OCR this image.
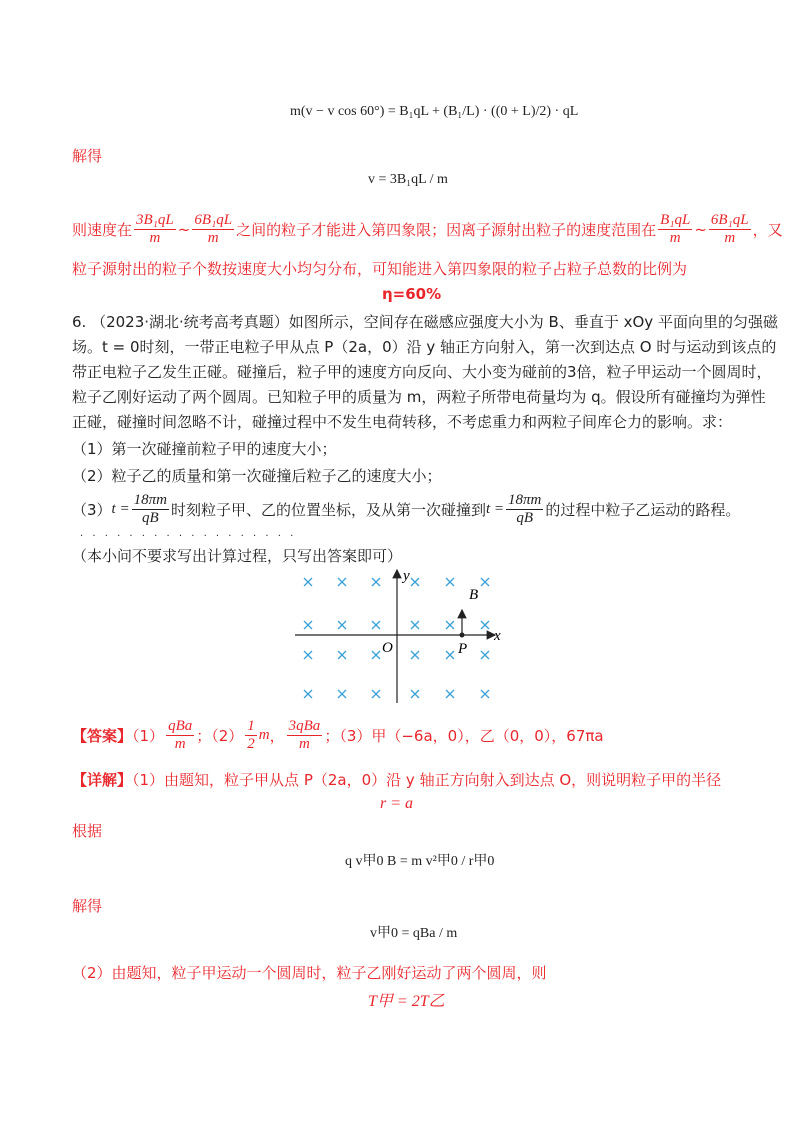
m(v − v cos 60°) = B₁qL + (B₁/L) · ((0 + L)/2) · qL
解得
v = 3B₁qL / m
则速度在 $\frac{\text{3B₁qL}}{m}$ ~ $\frac{\text{6B₁qL}}{m}$ 之间的粒子才能进入第四象限；因离子源射出粒子的速度范围在 $\frac{\text{B₁qL}}{m}$ ~ $\frac{\text{6B₁qL}}{m}$ ，又
粒子源射出的粒子个数按速度大小均匀分布，可知能进入第四象限的粒子占粒子总数的比例为
η=60%
6. （2023·湖北·统考高考真题）如图所示，空间存在磁感应强度大小为 B、垂直于 xOy 平面向里的匀强磁
场。t = 0时刻，一带正电粒子甲从点 P（2a，0）沿 y 轴正方向射入，第一次到达点 O 时与运动到该点的
带正电粒子乙发生正碰。碰撞后，粒子甲的速度方向反向、大小变为碰前的3倍，粒子甲运动一个圆周时，
粒子乙刚好运动了两个圆周。已知粒子甲的质量为 m，两粒子所带电荷量均为 q。假设所有碰撞均为弹性
正碰，碰撞时间忽略不计，碰撞过程中不发生电荷转移，不考虑重力和两粒子间库仑力的影响。求：
（1）第一次碰撞前粒子甲的速度大小；
（2）粒子乙的质量和第一次碰撞后粒子乙的速度大小；
$(3)t = \frac{18\pi m}{qB}$ 时刻粒子甲、乙的位置坐标，及从第一次碰撞到$t = \frac{18\pi m}{qB}$ 的过程中粒子乙运动的路程。
· · · · · · · · · · · · · · · · · ·
（本小问不要求写出计算过程，只写出答案即可）
y
x
B
O	P
【答案】$(1) \frac{\text{qBa}}{m}$ ；$(2) \frac{1}{2}$ m， $\frac{\text{3qBa}}{m}$ ；（3）甲（−6a，0），乙（0，0），67πa
【详解】（1）由题知，粒子甲从点 P（2a，0）沿 y 轴正方向射入到达点 O，则说明粒子甲的半径
r = a
根据
q v甲0 B = m v²甲0 / r甲0
解得
v甲0 = qBa / m
（2）由题知，粒子甲运动一个圆周时，粒子乙刚好运动了两个圆周，则
T甲 = 2T乙
